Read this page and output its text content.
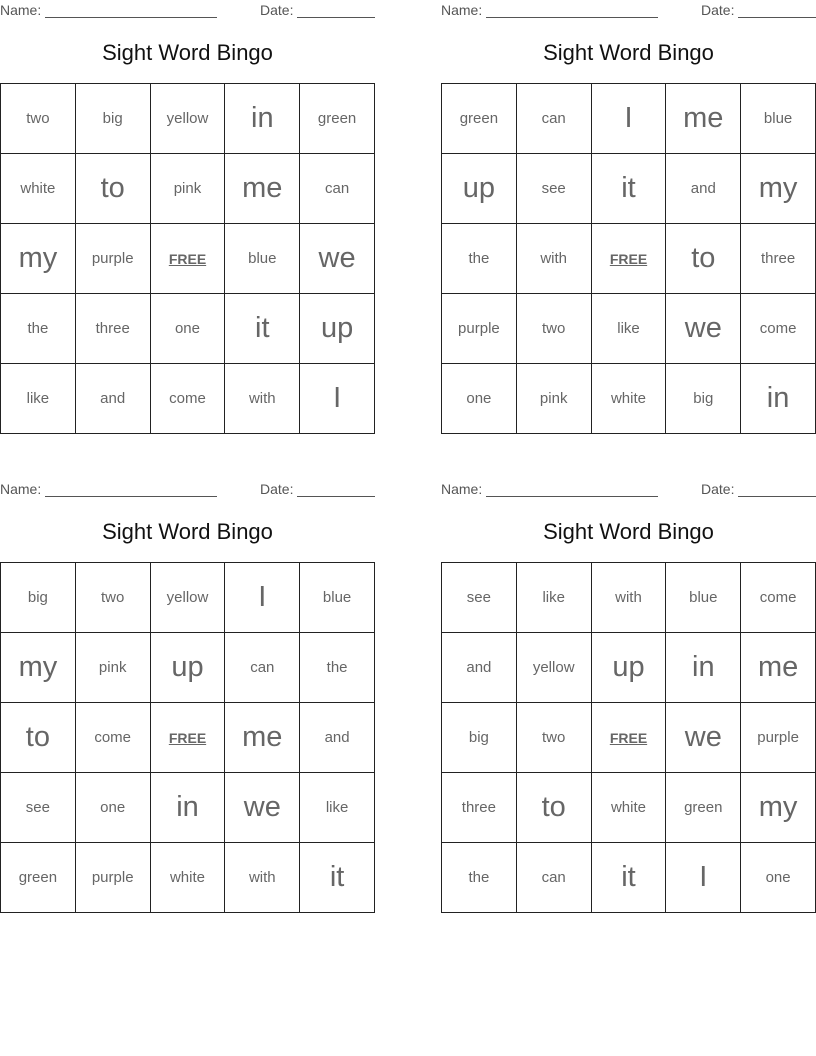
Name:	Date:
Sight Word Bingo
two	big	yellow	in	green
white	to	pink	me	can
my	purple	FREE	blue	we
the	three	one	it	up
like	and	come	with	I
Name:	Date:
Sight Word Bingo
green	can	I	me	blue
up	see	it	and	my
the	with	FREE	to	three
purple	two	like	we	come
one	pink	white	big	in
Name:	Date:
Sight Word Bingo
big	two	yellow	I	blue
my	pink	up	can	the
to	come	FREE	me	and
see	one	in	we	like
green	purple	white	with	it
Name:	Date:
Sight Word Bingo
see	like	with	blue	come
and	yellow	up	in	me
big	two	FREE	we	purple
three	to	white	green	my
the	can	it	I	one
